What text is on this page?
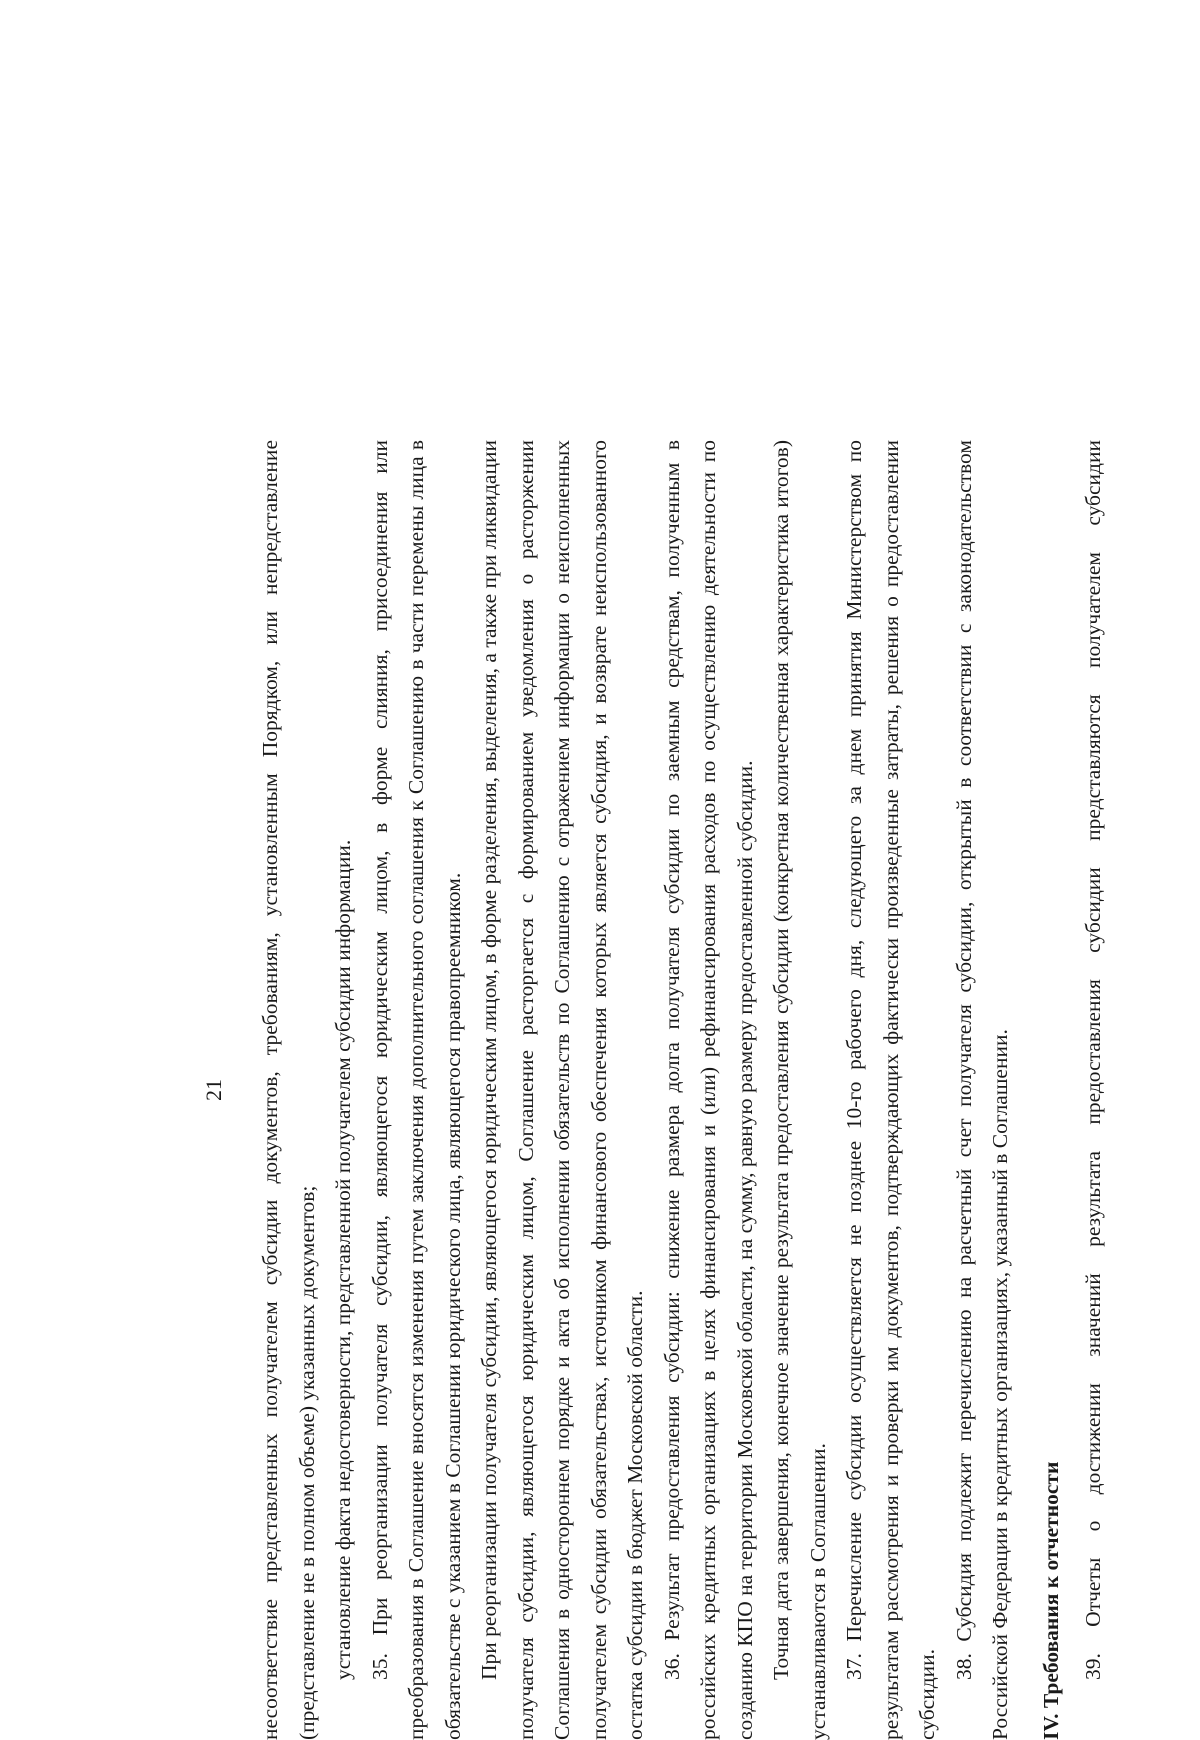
21 несоответствие представленных получателем субсидии документов, требованиям, установленным Порядком, или непредставление (представление не в полном объеме) указанных документов; установление факта недостоверности, представленной получателем субсидии информации. 35. При реорганизации получателя субсидии, являющегося юридическим лицом, в форме слияния, присоединения или преобразования в Соглашение вносятся изменения путем заключения дополнительного соглашения к Соглашению в части перемены лица в обязательстве с указанием в Соглашении юридического лица, являющегося правопреемником. При реорганизации получателя субсидии, являющегося юридическим лицом, в форме разделения, выделения, а также при ликвидации получателя субсидии, являющегося юридическим лицом, Соглашение расторгается с формированием уведомления о расторжении Соглашения в одностороннем порядке и акта об исполнении обязательств по Соглашению с отражением информации о неисполненных получателем субсидии обязательствах, источником финансового обеспечения которых является субсидия, и возврате неиспользованного остатка субсидии в бюджет Московской области. 36. Результат предоставления субсидии: снижение размера долга получателя субсидии по заемным средствам, полученным в российских кредитных организациях в целях финансирования и (или) рефинансирования расходов по осуществлению деятельности по созданию КПО на территории Московской области, на сумму, равную размеру предоставленной субсидии. Точная дата завершения, конечное значение результата предоставления субсидии (конкретная количественная характеристика итогов) устанавливаются в Соглашении. 37. Перечисление субсидии осуществляется не позднее 10-го рабочего дня, следующего за днем принятия Министерством по результатам рассмотрения и проверки им документов, подтверждающих фактически произведенные затраты, решения о предоставлении субсидии.

38. Субсидия подлежит перечислению на расчетный счет получателя субсидии, открытый в соответствии с законодательством Российской Федерации в кредитных организациях, указанный в Соглашении.	IV. Требования к отчетности 39. Отчеты о достижении значений результата предоставления субсидии представляются получателем субсидии
